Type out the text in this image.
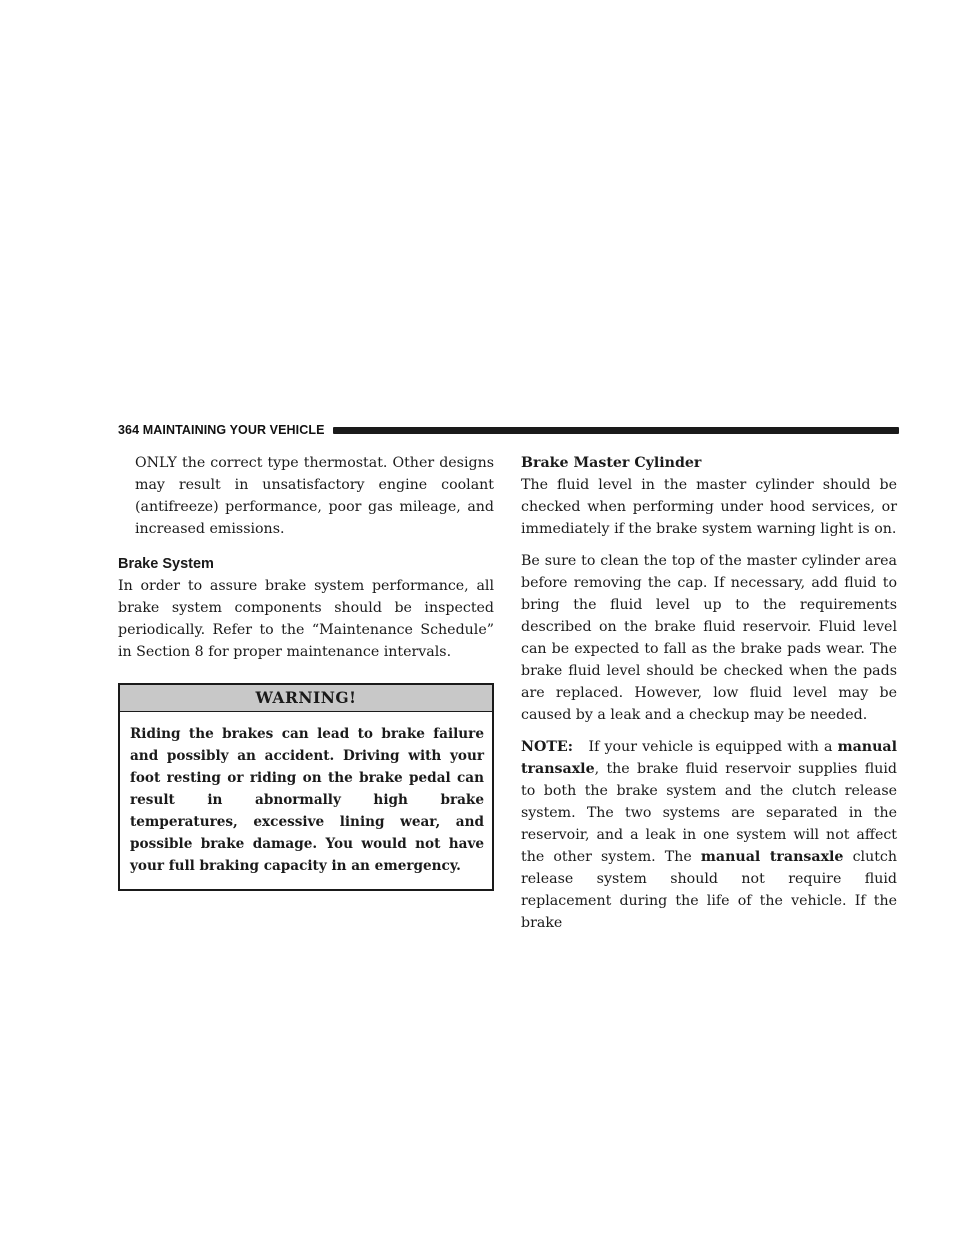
364 MAINTAINING YOUR VEHICLE

ONLY the correct type thermostat. Other designs may result in unsatisfactory engine coolant (antifreeze) performance, poor gas mileage, and increased emissions.

Brake System

In order to assure brake system performance, all brake system components should be inspected periodically. Refer to the “Maintenance Schedule” in Section 8 for proper maintenance intervals.

WARNING!
Riding the brakes can lead to brake failure and possibly an accident. Driving with your foot resting or riding on the brake pedal can result in abnormally high brake temperatures, excessive lining wear, and possible brake damage. You would not have your full braking capacity in an emergency.
Brake Master Cylinder

The fluid level in the master cylinder should be checked when performing under hood services, or immediately if the brake system warning light is on.

Be sure to clean the top of the master cylinder area before removing the cap. If necessary, add fluid to bring the fluid level up to the requirements described on the brake fluid reservoir. Fluid level can be expected to fall as the brake pads wear. The brake fluid level should be checked when the pads are replaced. However, low fluid level may be caused by a leak and a checkup may be needed.

NOTE: If your vehicle is equipped with a manual transaxle, the brake fluid reservoir supplies fluid to both the brake system and the clutch release system. The two systems are separated in the reservoir, and a leak in one system will not affect the other system. The manual transaxle clutch release system should not require fluid replacement during the life of the vehicle. If the brake
